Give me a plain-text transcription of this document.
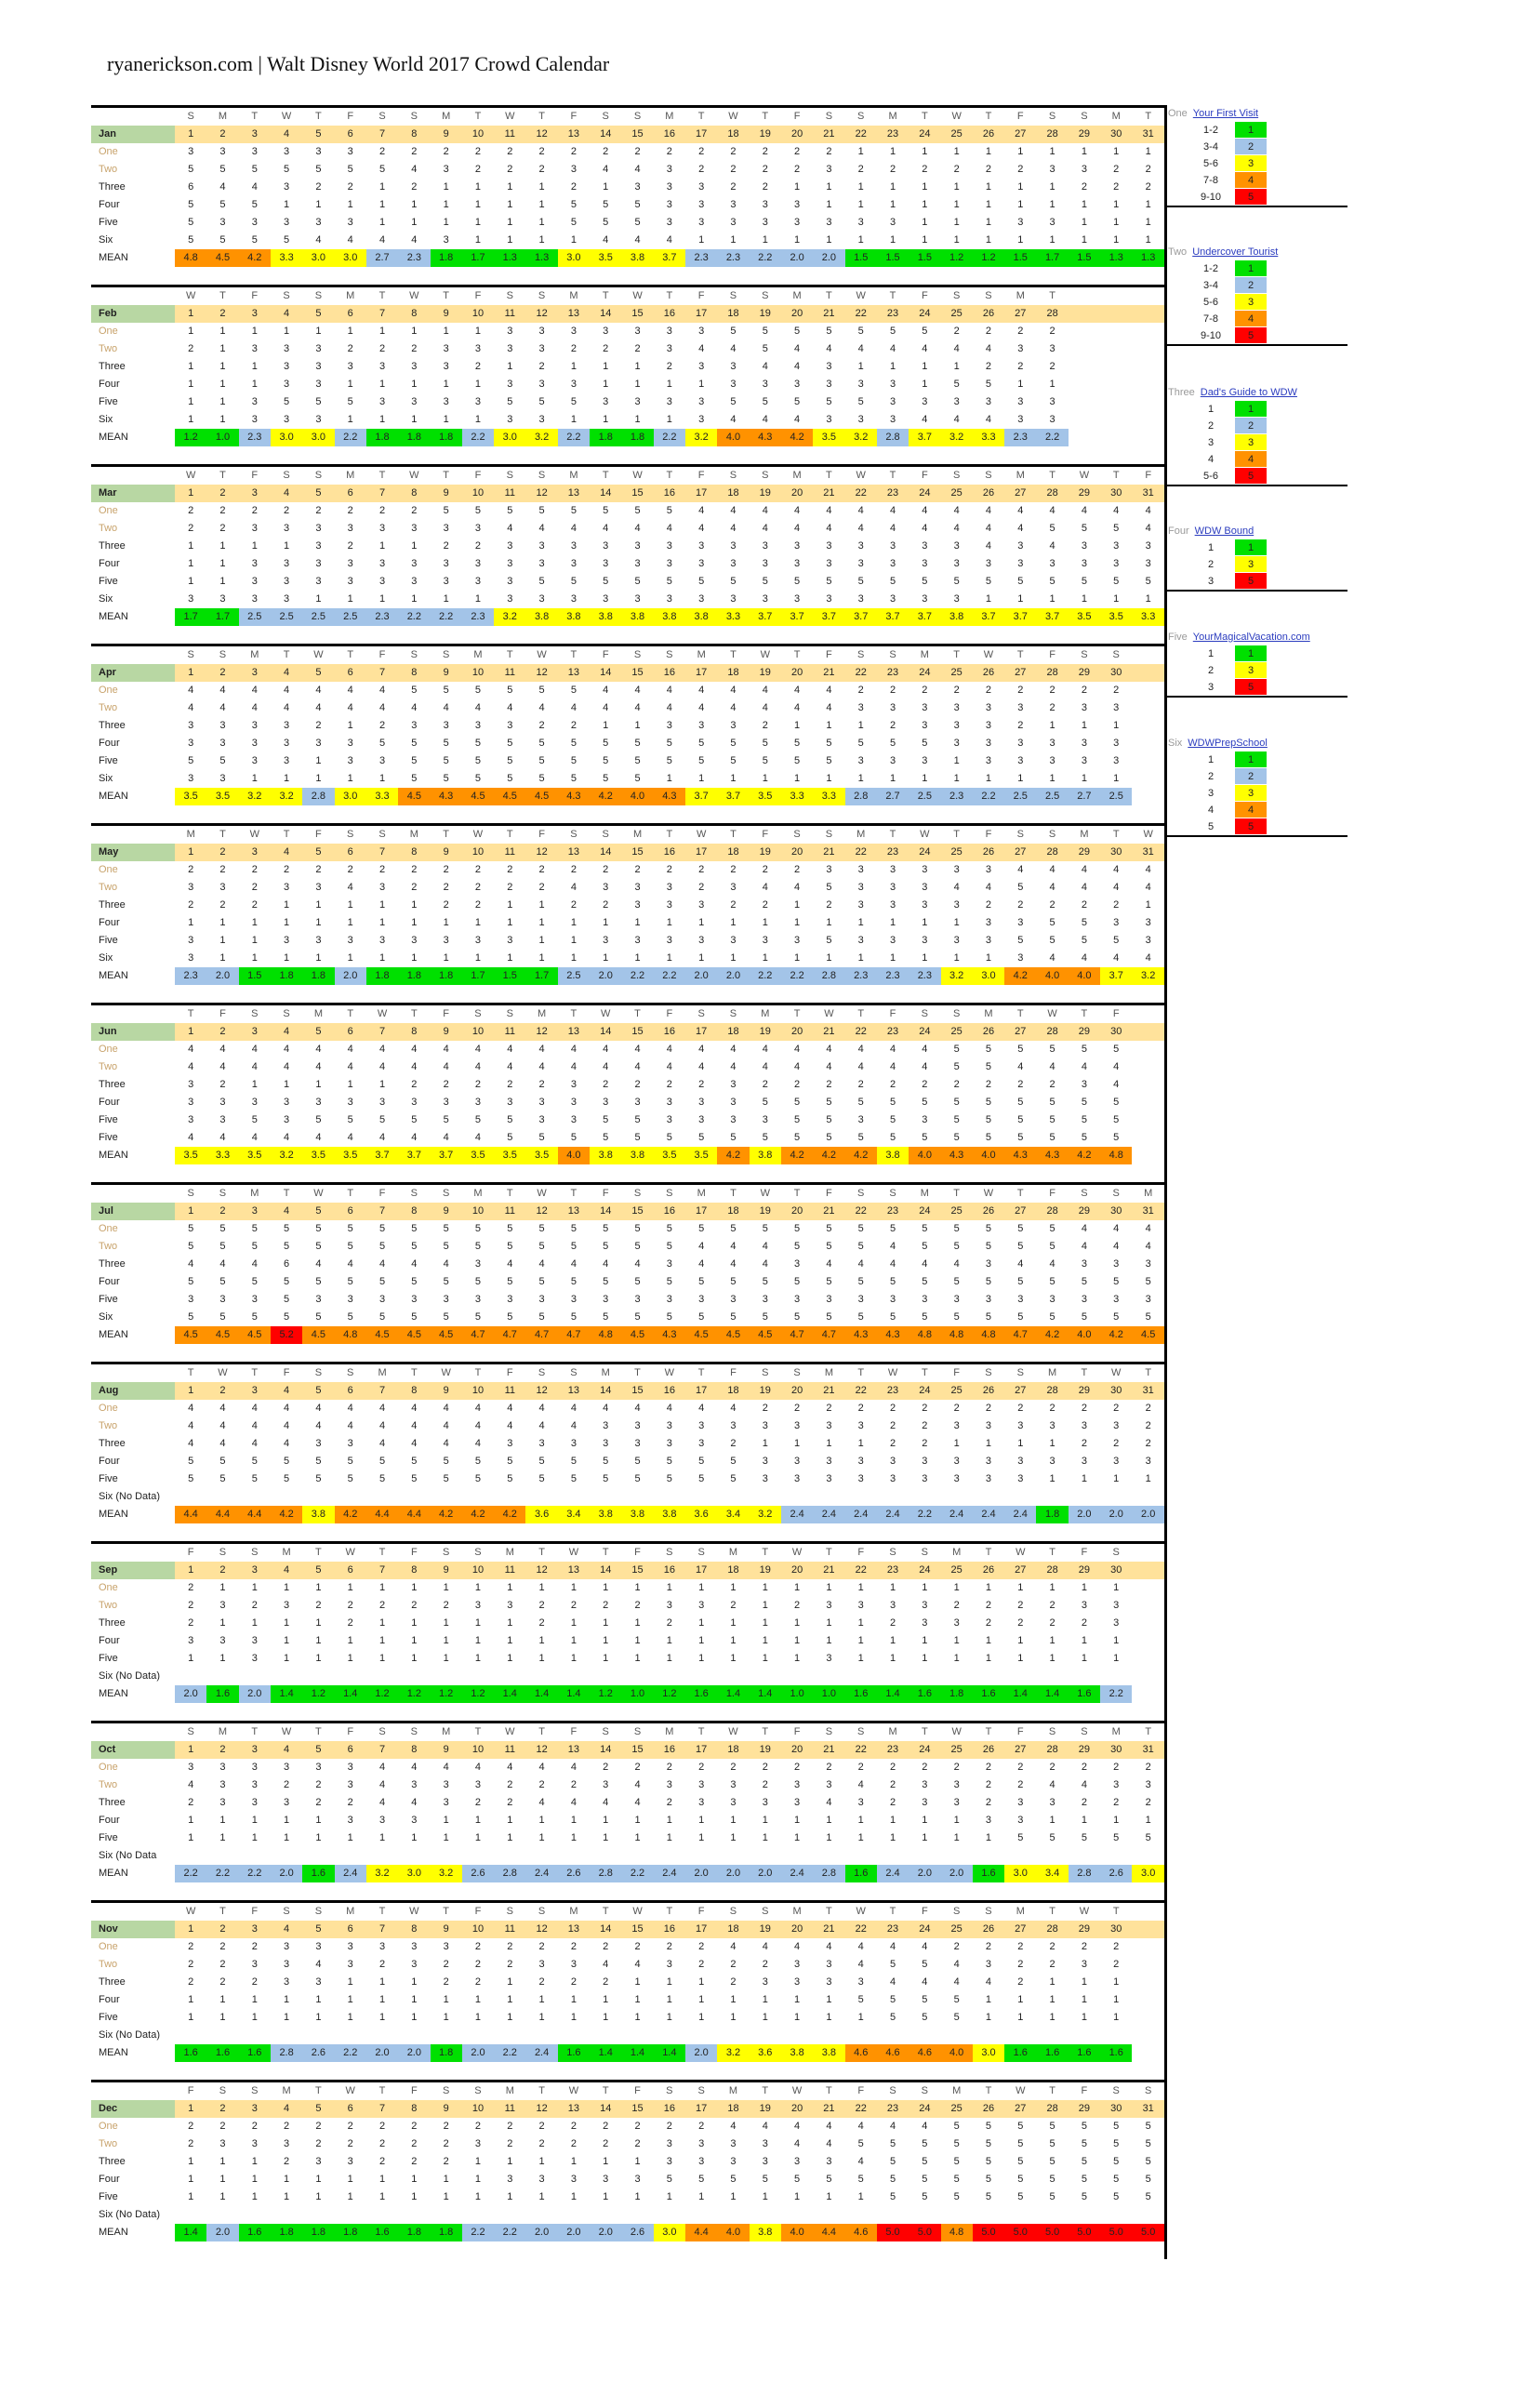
ryanerickson.com | Walt Disney World 2017 Crowd Calendar
	S	M	T	W	T	F	S	S	M	T	W	T	F	S	S	M	T	W	T	F	S	S	M	T	W	T	F	S	S	M	T
Jan	1	2	3	4	5	6	7	8	9	10	11	12	13	14	15	16	17	18	19	20	21	22	23	24	25	26	27	28	29	30	31
One	3	3	3	3	3	3	2	2	2	2	2	2	2	2	2	2	2	2	2	2	2	1	1	1	1	1	1	1	1	1	1
Two	5	5	5	5	5	5	5	4	3	2	2	2	3	4	4	3	2	2	2	2	3	2	2	2	2	2	2	3	3	2	2
Three	6	4	4	3	2	2	1	2	1	1	1	1	2	1	3	3	3	2	2	1	1	1	1	1	1	1	1	1	2	2	2
Four	5	5	5	1	1	1	1	1	1	1	1	1	5	5	5	3	3	3	3	3	1	1	1	1	1	1	1	1	1	1	1
Five	5	3	3	3	3	3	1	1	1	1	1	1	5	5	5	3	3	3	3	3	3	3	3	1	1	1	3	3	1	1	1
Six	5	5	5	5	4	4	4	4	3	1	1	1	1	4	4	4	1	1	1	1	1	1	1	1	1	1	1	1	1	1	1
MEAN	4.8	4.5	4.2	3.3	3.0	3.0	2.7	2.3	1.8	1.7	1.3	1.3	3.0	3.5	3.8	3.7	2.3	2.3	2.2	2.0	2.0	1.5	1.5	1.5	1.2	1.2	1.5	1.7	1.5	1.3	1.3
	W	T	F	S	S	M	T	W	T	F	S	S	M	T	W	T	F	S	S	M	T	W	T	F	S	S	M	T			
Feb	1	2	3	4	5	6	7	8	9	10	11	12	13	14	15	16	17	18	19	20	21	22	23	24	25	26	27	28			
One	1	1	1	1	1	1	1	1	1	1	3	3	3	3	3	3	3	5	5	5	5	5	5	5	2	2	2	2			
Two	2	1	3	3	3	2	2	2	3	3	3	3	2	2	2	3	4	4	5	4	4	4	4	4	4	4	3	3			
Three	1	1	1	3	3	3	3	3	3	2	1	2	1	1	1	2	3	3	4	4	3	1	1	1	1	2	2	2			
Four	1	1	1	3	3	1	1	1	1	1	3	3	3	1	1	1	1	3	3	3	3	3	3	1	5	5	1	1			
Five	1	1	3	5	5	5	3	3	3	3	5	5	5	3	3	3	3	5	5	5	5	5	3	3	3	3	3	3			
Six	1	1	3	3	3	1	1	1	1	1	3	3	1	1	1	1	3	4	4	4	3	3	3	4	4	4	3	3			
MEAN	1.2	1.0	2.3	3.0	3.0	2.2	1.8	1.8	1.8	2.2	3.0	3.2	2.2	1.8	1.8	2.2	3.2	4.0	4.3	4.2	3.5	3.2	2.8	3.7	3.2	3.3	2.3	2.2			
	W	T	F	S	S	M	T	W	T	F	S	S	M	T	W	T	F	S	S	M	T	W	T	F	S	S	M	T	W	T	F
Mar	1	2	3	4	5	6	7	8	9	10	11	12	13	14	15	16	17	18	19	20	21	22	23	24	25	26	27	28	29	30	31
One	2	2	2	2	2	2	2	2	5	5	5	5	5	5	5	5	4	4	4	4	4	4	4	4	4	4	4	4	4	4	4
Two	2	2	3	3	3	3	3	3	3	3	4	4	4	4	4	4	4	4	4	4	4	4	4	4	4	4	4	5	5	5	4
Three	1	1	1	1	3	2	1	1	2	2	3	3	3	3	3	3	3	3	3	3	3	3	3	3	3	4	3	4	3	3	3
Four	1	1	3	3	3	3	3	3	3	3	3	3	3	3	3	3	3	3	3	3	3	3	3	3	3	3	3	3	3	3	3
Five	1	1	3	3	3	3	3	3	3	3	3	5	5	5	5	5	5	5	5	5	5	5	5	5	5	5	5	5	5	5	5
Six	3	3	3	3	1	1	1	1	1	1	3	3	3	3	3	3	3	3	3	3	3	3	3	3	3	1	1	1	1	1	1
MEAN	1.7	1.7	2.5	2.5	2.5	2.5	2.3	2.2	2.2	2.3	3.2	3.8	3.8	3.8	3.8	3.8	3.8	3.3	3.7	3.7	3.7	3.7	3.7	3.7	3.8	3.7	3.7	3.7	3.5	3.5	3.3
	S	S	M	T	W	T	F	S	S	M	T	W	T	F	S	S	M	T	W	T	F	S	S	M	T	W	T	F	S	S	
Apr	1	2	3	4	5	6	7	8	9	10	11	12	13	14	15	16	17	18	19	20	21	22	23	24	25	26	27	28	29	30	
One	4	4	4	4	4	4	4	5	5	5	5	5	5	4	4	4	4	4	4	4	4	2	2	2	2	2	2	2	2	2	
Two	4	4	4	4	4	4	4	4	4	4	4	4	4	4	4	4	4	4	4	4	4	3	3	3	3	3	3	2	3	3	
Three	3	3	3	3	2	1	2	3	3	3	3	2	2	1	1	3	3	3	2	1	1	1	2	3	3	3	2	1	1	1	
Four	3	3	3	3	3	3	5	5	5	5	5	5	5	5	5	5	5	5	5	5	5	5	5	5	3	3	3	3	3	3	
Five	5	5	3	3	1	3	3	5	5	5	5	5	5	5	5	5	5	5	5	5	5	3	3	3	1	3	3	3	3	3	
Six	3	3	1	1	1	1	1	5	5	5	5	5	5	5	5	1	1	1	1	1	1	1	1	1	1	1	1	1	1	1	
MEAN	3.5	3.5	3.2	3.2	2.8	3.0	3.3	4.5	4.3	4.5	4.5	4.5	4.3	4.2	4.0	4.3	3.7	3.7	3.5	3.3	3.3	2.8	2.7	2.5	2.3	2.2	2.5	2.5	2.7	2.5	
	M	T	W	T	F	S	S	M	T	W	T	F	S	S	M	T	W	T	F	S	S	M	T	W	T	F	S	S	M	T	W
May	1	2	3	4	5	6	7	8	9	10	11	12	13	14	15	16	17	18	19	20	21	22	23	24	25	26	27	28	29	30	31
One	2	2	2	2	2	2	2	2	2	2	2	2	2	2	2	2	2	2	2	2	3	3	3	3	3	3	4	4	4	4	4
Two	3	3	2	3	3	4	3	2	2	2	2	2	4	3	3	3	2	3	4	4	5	3	3	3	4	4	5	4	4	4	4
Three	2	2	2	1	1	1	1	1	2	2	1	1	2	2	3	3	3	2	2	1	2	3	3	3	3	2	2	2	2	2	1
Four	1	1	1	1	1	1	1	1	1	1	1	1	1	1	1	1	1	1	1	1	1	1	1	1	1	3	3	5	5	3	3
Five	3	1	1	3	3	3	3	3	3	3	3	1	1	3	3	3	3	3	3	3	5	3	3	3	3	3	5	5	5	5	3
Six	3	1	1	1	1	1	1	1	1	1	1	1	1	1	1	1	1	1	1	1	1	1	1	1	1	1	3	4	4	4	4
MEAN	2.3	2.0	1.5	1.8	1.8	2.0	1.8	1.8	1.8	1.7	1.5	1.7	2.5	2.0	2.2	2.2	2.0	2.0	2.2	2.2	2.8	2.3	2.3	2.3	3.2	3.0	4.2	4.0	4.0	3.7	3.2
	T	F	S	S	M	T	W	T	F	S	S	M	T	W	T	F	S	S	M	T	W	T	F	S	S	M	T	W	T	F	
Jun	1	2	3	4	5	6	7	8	9	10	11	12	13	14	15	16	17	18	19	20	21	22	23	24	25	26	27	28	29	30	
One	4	4	4	4	4	4	4	4	4	4	4	4	4	4	4	4	4	4	4	4	4	4	4	4	5	5	5	5	5	5	
Two	4	4	4	4	4	4	4	4	4	4	4	4	4	4	4	4	4	4	4	4	4	4	4	4	5	5	4	4	4	4	
Three	3	2	1	1	1	1	1	2	2	2	2	2	3	2	2	2	2	3	2	2	2	2	2	2	2	2	2	2	3	4	
Four	3	3	3	3	3	3	3	3	3	3	3	3	3	3	3	3	3	3	5	5	5	5	5	5	5	5	5	5	5	5	
Five	3	3	5	3	5	5	5	5	5	5	5	3	3	5	5	3	3	3	3	5	5	3	5	3	5	5	5	5	5	5	
Five	4	4	4	4	4	4	4	4	4	4	5	5	5	5	5	5	5	5	5	5	5	5	5	5	5	5	5	5	5	5	
MEAN	3.5	3.3	3.5	3.2	3.5	3.5	3.7	3.7	3.7	3.5	3.5	3.5	4.0	3.8	3.8	3.5	3.5	4.2	3.8	4.2	4.2	4.2	3.8	4.0	4.3	4.0	4.3	4.3	4.2	4.8	
	S	S	M	T	W	T	F	S	S	M	T	W	T	F	S	S	M	T	W	T	F	S	S	M	T	W	T	F	S	S	M
Jul	1	2	3	4	5	6	7	8	9	10	11	12	13	14	15	16	17	18	19	20	21	22	23	24	25	26	27	28	29	30	31
One	5	5	5	5	5	5	5	5	5	5	5	5	5	5	5	5	5	5	5	5	5	5	5	5	5	5	5	5	4	4	4
Two	5	5	5	5	5	5	5	5	5	5	5	5	5	5	5	5	4	4	4	5	5	5	4	5	5	5	5	5	4	4	4
Three	4	4	4	6	4	4	4	4	4	3	4	4	4	4	4	3	4	4	4	3	4	4	4	4	4	3	4	4	3	3	3
Four	5	5	5	5	5	5	5	5	5	5	5	5	5	5	5	5	5	5	5	5	5	5	5	5	5	5	5	5	5	5	5
Five	3	3	3	5	3	3	3	3	3	3	3	3	3	3	3	3	3	3	3	3	3	3	3	3	3	3	3	3	3	3	3
Six	5	5	5	5	5	5	5	5	5	5	5	5	5	5	5	5	5	5	5	5	5	5	5	5	5	5	5	5	5	5	5
MEAN	4.5	4.5	4.5	5.2	4.5	4.8	4.5	4.5	4.5	4.7	4.7	4.7	4.7	4.8	4.5	4.3	4.5	4.5	4.5	4.7	4.7	4.3	4.3	4.8	4.8	4.8	4.7	4.2	4.0	4.2	4.5
	T	W	T	F	S	S	M	T	W	T	F	S	S	M	T	W	T	F	S	S	M	T	W	T	F	S	S	M	T	W	T
Aug	1	2	3	4	5	6	7	8	9	10	11	12	13	14	15	16	17	18	19	20	21	22	23	24	25	26	27	28	29	30	31
One	4	4	4	4	4	4	4	4	4	4	4	4	4	4	4	4	4	4	2	2	2	2	2	2	2	2	2	2	2	2	2
Two	4	4	4	4	4	4	4	4	4	4	4	4	4	3	3	3	3	3	3	3	3	3	2	2	3	3	3	3	3	3	2
Three	4	4	4	4	3	3	4	4	4	4	3	3	3	3	3	3	3	2	1	1	1	1	2	2	1	1	1	1	2	2	2
Four	5	5	5	5	5	5	5	5	5	5	5	5	5	5	5	5	5	5	3	3	3	3	3	3	3	3	3	3	3	3	3
Five	5	5	5	5	5	5	5	5	5	5	5	5	5	5	5	5	5	5	3	3	3	3	3	3	3	3	3	1	1	1	1
Six (No Data)																															
MEAN	4.4	4.4	4.4	4.2	3.8	4.2	4.4	4.4	4.2	4.2	4.2	3.6	3.4	3.8	3.8	3.8	3.6	3.4	3.2	2.4	2.4	2.4	2.4	2.2	2.4	2.4	2.4	1.8	2.0	2.0	2.0
	F	S	S	M	T	W	T	F	S	S	M	T	W	T	F	S	S	M	T	W	T	F	S	S	M	T	W	T	F	S	
Sep	1	2	3	4	5	6	7	8	9	10	11	12	13	14	15	16	17	18	19	20	21	22	23	24	25	26	27	28	29	30	
One	2	1	1	1	1	1	1	1	1	1	1	1	1	1	1	1	1	1	1	1	1	1	1	1	1	1	1	1	1	1	
Two	2	3	2	3	2	2	2	2	2	3	3	2	2	2	2	3	3	2	1	2	3	3	3	3	2	2	2	2	3	3	
Three	2	1	1	1	1	2	1	1	1	1	1	2	1	1	1	2	1	1	1	1	1	1	2	3	3	2	2	2	2	3	
Four	3	3	3	1	1	1	1	1	1	1	1	1	1	1	1	1	1	1	1	1	1	1	1	1	1	1	1	1	1	1	
Five	1	1	3	1	1	1	1	1	1	1	1	1	1	1	1	1	1	1	1	1	3	1	1	1	1	1	1	1	1	1	
Six (No Data)																															
MEAN	2.0	1.6	2.0	1.4	1.2	1.4	1.2	1.2	1.2	1.2	1.4	1.4	1.4	1.2	1.0	1.2	1.6	1.4	1.4	1.0	1.0	1.6	1.4	1.6	1.8	1.6	1.4	1.4	1.6	2.2	
	S	M	T	W	T	F	S	S	M	T	W	T	F	S	S	M	T	W	T	F	S	S	M	T	W	T	F	S	S	M	T
Oct	1	2	3	4	5	6	7	8	9	10	11	12	13	14	15	16	17	18	19	20	21	22	23	24	25	26	27	28	29	30	31
One	3	3	3	3	3	3	4	4	4	4	4	4	4	2	2	2	2	2	2	2	2	2	2	2	2	2	2	2	2	2	2
Two	4	3	3	2	2	3	4	3	3	3	2	2	2	3	4	3	3	3	2	3	3	4	2	3	3	2	2	4	4	3	3
Three	2	3	3	3	2	2	4	4	3	2	2	4	4	4	4	2	3	3	3	3	4	3	2	3	3	2	3	3	2	2	2
Four	1	1	1	1	1	3	3	3	1	1	1	1	1	1	1	1	1	1	1	1	1	1	1	1	1	3	3	1	1	1	1
Five	1	1	1	1	1	1	1	1	1	1	1	1	1	1	1	1	1	1	1	1	1	1	1	1	1	1	5	5	5	5	5
Six (No Data																															
MEAN	2.2	2.2	2.2	2.0	1.6	2.4	3.2	3.0	3.2	2.6	2.8	2.4	2.6	2.8	2.2	2.4	2.0	2.0	2.0	2.4	2.8	1.6	2.4	2.0	2.0	1.6	3.0	3.4	2.8	2.6	3.0
	W	T	F	S	S	M	T	W	T	F	S	S	M	T	W	T	F	S	S	M	T	W	T	F	S	S	M	T	W	T	
Nov	1	2	3	4	5	6	7	8	9	10	11	12	13	14	15	16	17	18	19	20	21	22	23	24	25	26	27	28	29	30	
One	2	2	2	3	3	3	3	3	3	2	2	2	2	2	2	2	2	4	4	4	4	4	4	4	2	2	2	2	2	2	
Two	2	2	3	3	4	3	2	3	2	2	2	3	3	4	4	3	2	2	2	3	3	4	5	5	4	3	2	2	3	2	
Three	2	2	2	3	3	1	1	1	2	2	1	2	2	2	1	1	1	2	3	3	3	3	4	4	4	4	2	1	1	1	
Four	1	1	1	1	1	1	1	1	1	1	1	1	1	1	1	1	1	1	1	1	1	5	5	5	5	1	1	1	1	1	
Five	1	1	1	1	1	1	1	1	1	1	1	1	1	1	1	1	1	1	1	1	1	1	5	5	5	1	1	1	1	1	
Six (No Data)																															
MEAN	1.6	1.6	1.6	2.8	2.6	2.2	2.0	2.0	1.8	2.0	2.2	2.4	1.6	1.4	1.4	1.4	2.0	3.2	3.6	3.8	3.8	4.6	4.6	4.6	4.0	3.0	1.6	1.6	1.6	1.6	
	F	S	S	M	T	W	T	F	S	S	M	T	W	T	F	S	S	M	T	W	T	F	S	S	M	T	W	T	F	S	S
Dec	1	2	3	4	5	6	7	8	9	10	11	12	13	14	15	16	17	18	19	20	21	22	23	24	25	26	27	28	29	30	31
One	2	2	2	2	2	2	2	2	2	2	2	2	2	2	2	2	2	4	4	4	4	4	4	4	5	5	5	5	5	5	5
Two	2	3	3	3	2	2	2	2	2	3	2	2	2	2	2	3	3	3	3	4	4	5	5	5	5	5	5	5	5	5	5
Three	1	1	1	2	3	3	2	2	2	1	1	1	1	1	1	3	3	3	3	3	3	4	5	5	5	5	5	5	5	5	5
Four	1	1	1	1	1	1	1	1	1	1	3	3	3	3	3	5	5	5	5	5	5	5	5	5	5	5	5	5	5	5	5
Five	1	1	1	1	1	1	1	1	1	1	1	1	1	1	1	1	1	1	1	1	1	1	5	5	5	5	5	5	5	5	5
Six (No Data)																															
MEAN	1.4	2.0	1.6	1.8	1.8	1.8	1.6	1.8	1.8	2.2	2.2	2.0	2.0	2.0	2.6	3.0	4.4	4.0	3.8	4.0	4.4	4.6	5.0	5.0	4.8	5.0	5.0	5.0	5.0	5.0	5.0
One Your First Visit
1-2	1
3-4	2
5-6	3
7-8	4
9-10	5
Two Undercover Tourist
1-2	1
3-4	2
5-6	3
7-8	4
9-10	5
Three Dad's Guide to WDW
1	1
2	2
3	3
4	4
5-6	5
Four WDW Bound
1	1
2	3
3	5
Five YourMagicalVacation.com
1	1
2	3
3	5
Six WDWPrepSchool
1	1
2	2
3	3
4	4
5	5
